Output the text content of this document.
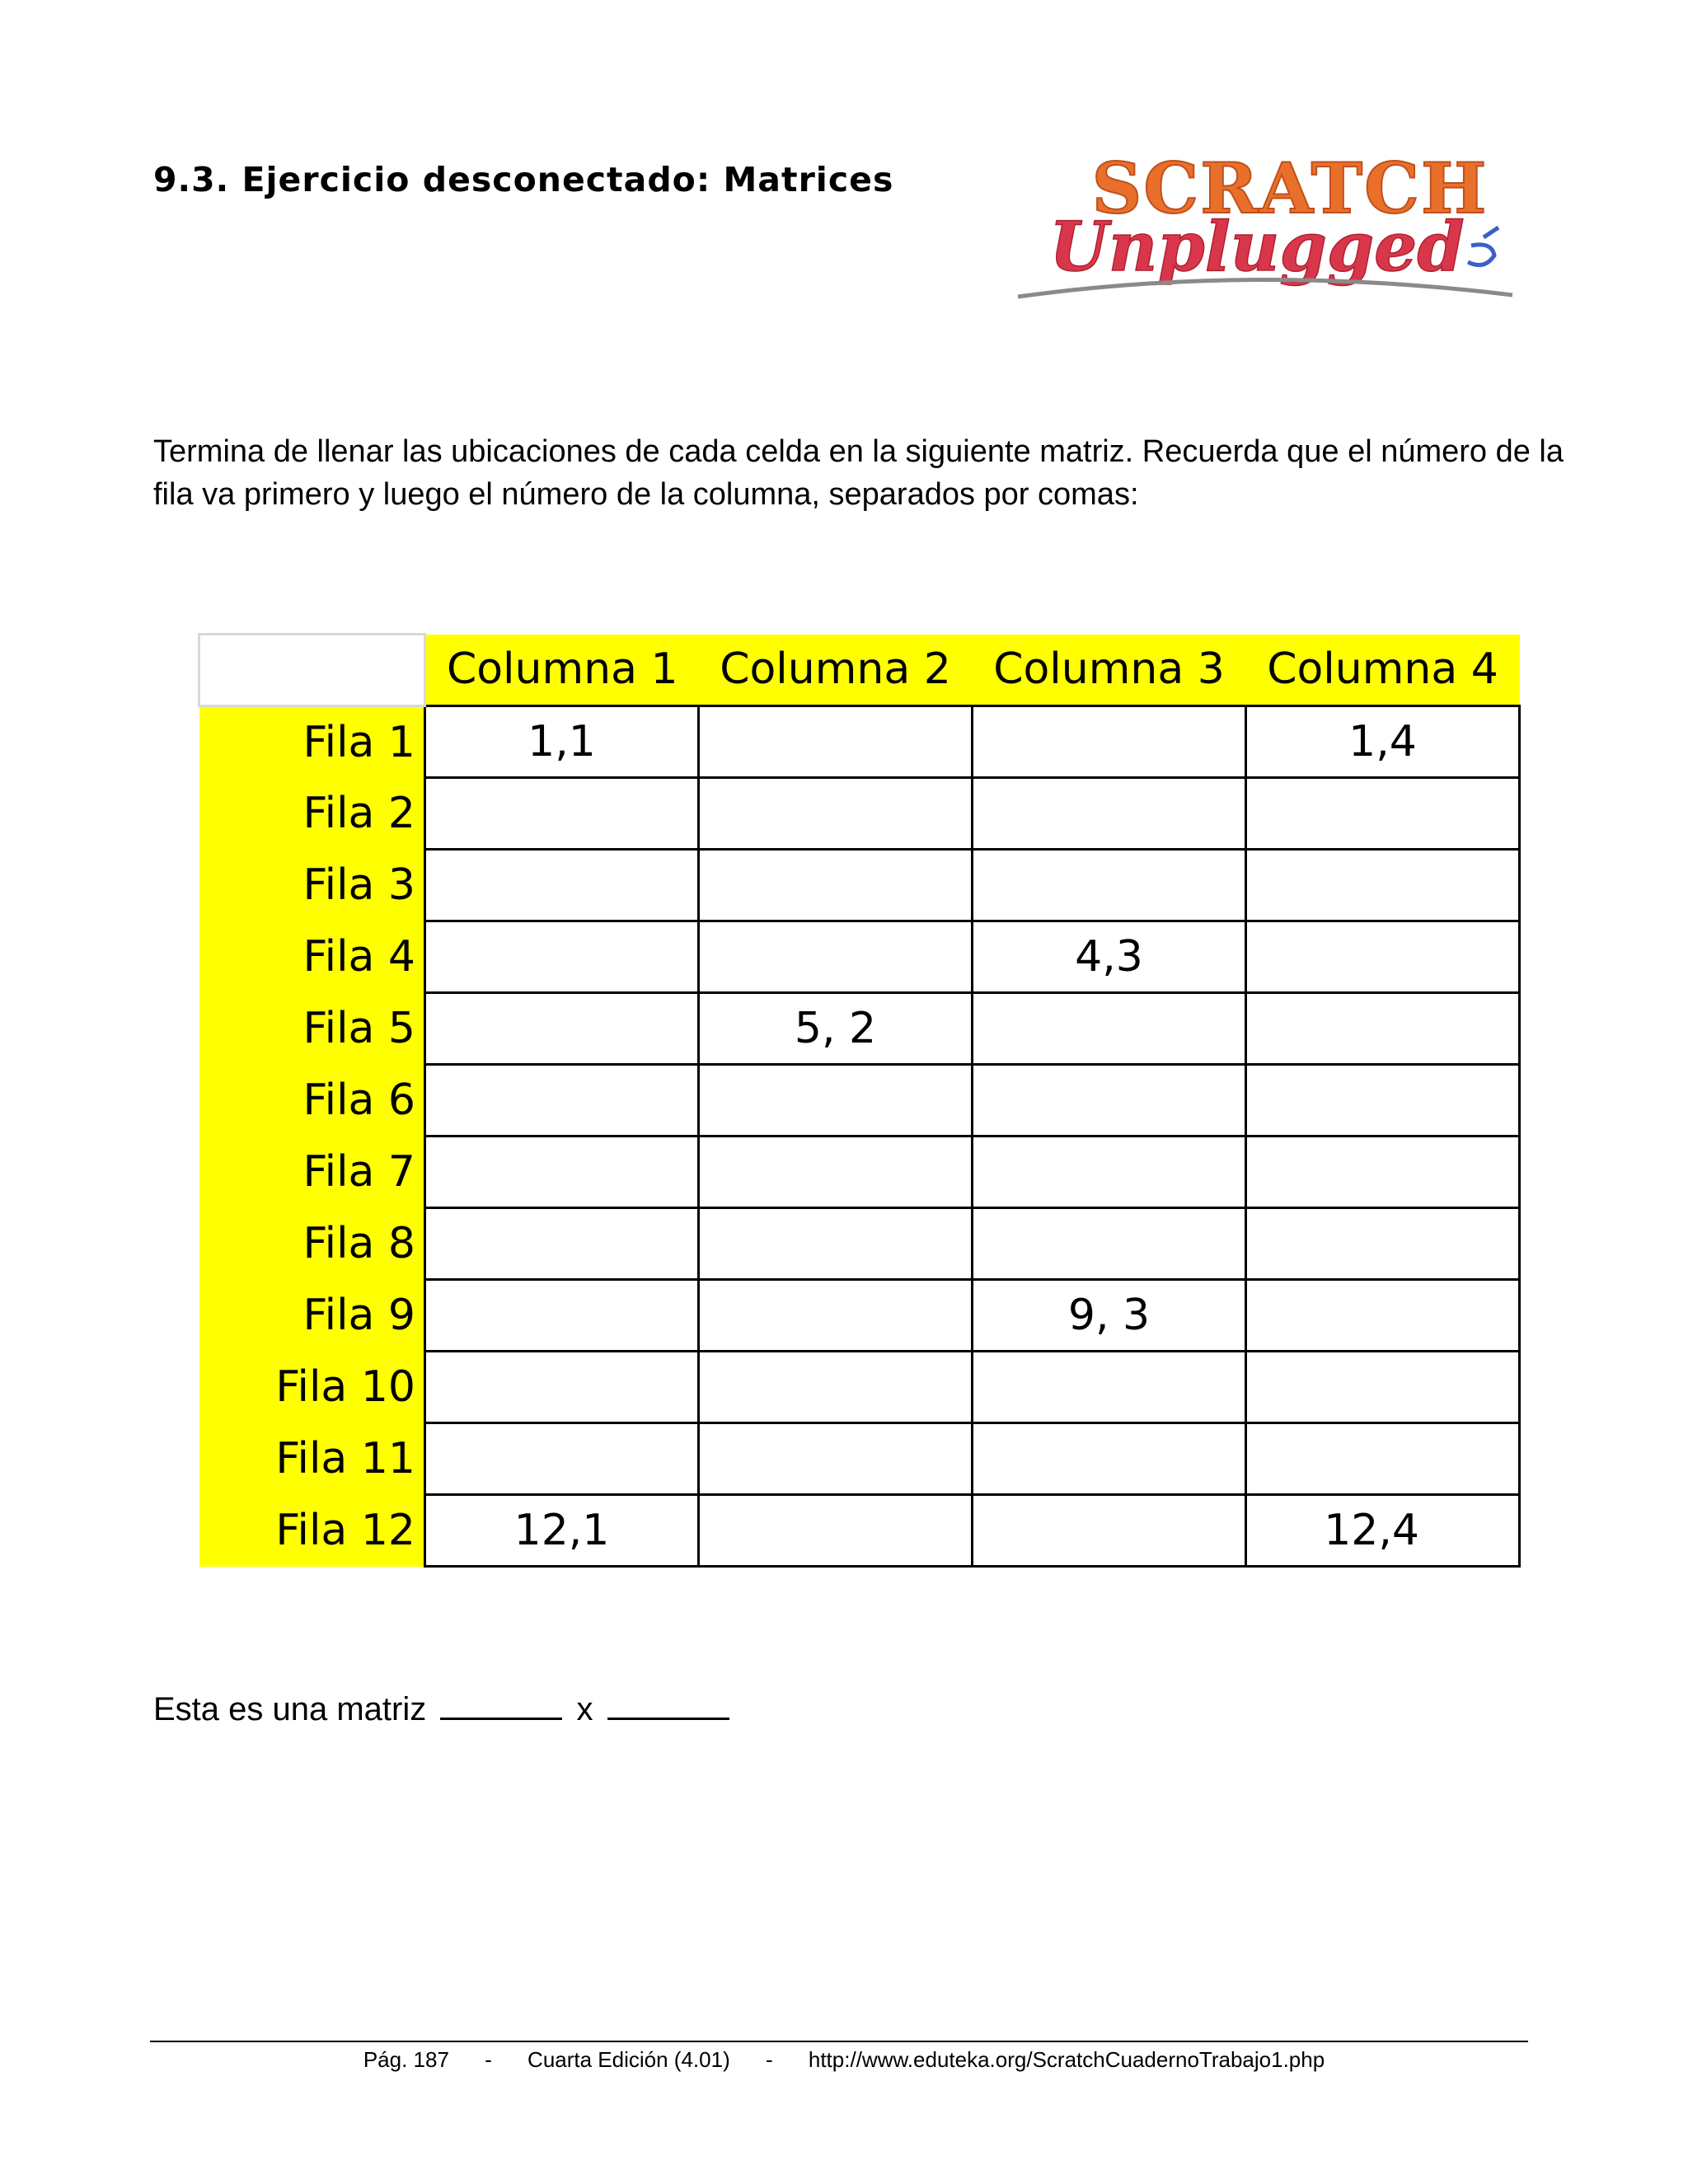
9.3. Ejercicio desconectado: Matrices	SCRATCH
Unplugged

Termina de llenar las ubicaciones de cada celda en la siguiente matriz. Recuerda que el número de la fila va primero y luego el número de la columna, separados por comas:

	Columna 1	Columna 2	Columna 3	Columna 4
Fila 1	1,1			1,4
Fila 2				
Fila 3				
Fila 4			4,3	
Fila 5		5, 2		
Fila 6				
Fila 7				
Fila 8				
Fila 9			9, 3	
Fila 10				
Fila 11				
Fila 12	12,1			12,4

Esta es una matriz	x

Pág. 187 - Cuarta Edición (4.01) - http://www.eduteka.org/ScratchCuadernoTrabajo1.php
